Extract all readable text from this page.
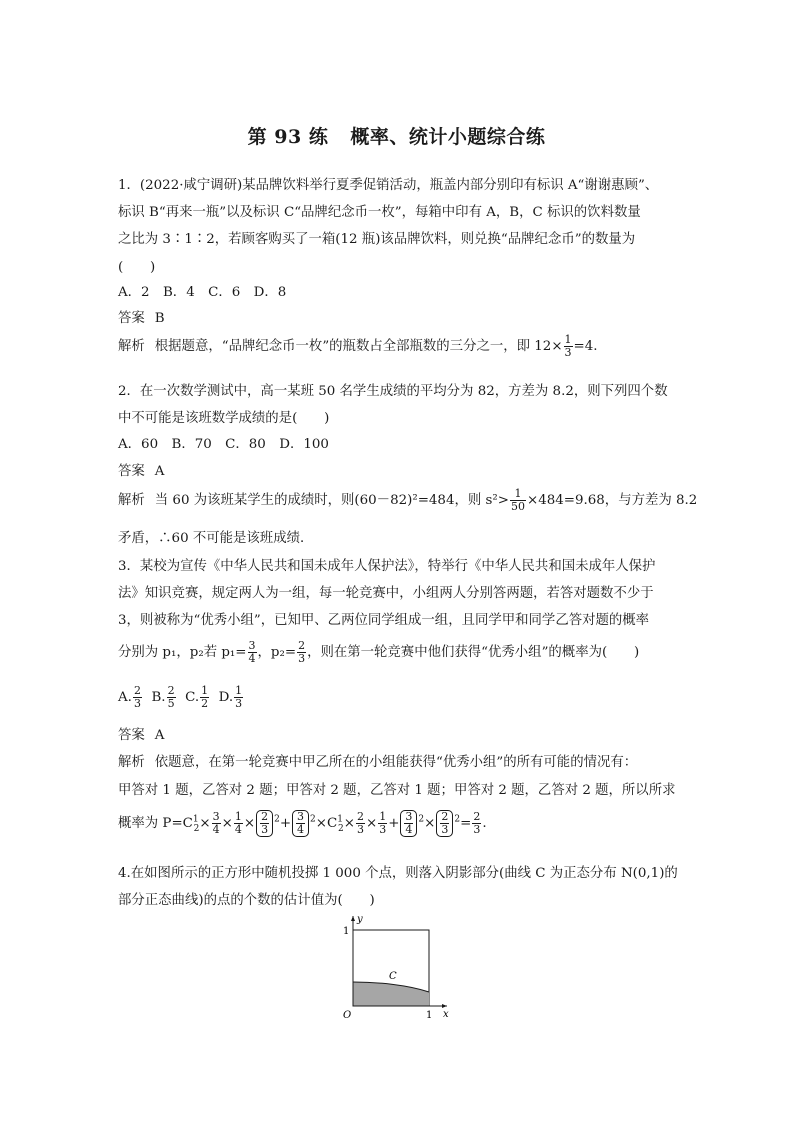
第 93 练 概率、统计小题综合练
1．(2022·咸宁调研)某品牌饮料举行夏季促销活动，瓶盖内部分别印有标识 A“谢谢惠顾”、
标识 B“再来一瓶”以及标识 C“品牌纪念币一枚”，每箱中印有 A，B，C 标识的饮料数量
之比为 3∶1∶2，若顾客购买了一箱(12 瓶)该品牌饮料，则兑换“品牌纪念币”的数量为
(　　)
A．2　B．4　C．6　D．8
答案 B
解析 根据题意，“品牌纪念币一枚”的瓶数占全部瓶数的三分之一，即 $12\times \frac{1}{3} =4$.
2．在一次数学测试中，高一某班 50 名学生成绩的平均分为 82，方差为 8.2，则下列四个数
中不可能是该班数学成绩的是(　　)
A．60　B．70　C．80　D．100
答案 A
解析 当 60 为该班某学生的成绩时，则(60－82)²=484，则 $s^2> \frac{1}{50} \times 484=9.68$，与方差为 8.2
矛盾，∴60 不可能是该班成绩．
3．某校为宣传《中华人民共和国未成年人保护法》，特举行《中华人民共和国未成年人保护
法》知识竞赛，规定两人为一组，每一轮竞赛中，小组两人分别答两题，若答对题数不少于
3，则被称为“优秀小组”，已知甲、乙两位同学组成一组，且同学甲和同学乙答对题的概率
分别为 p₁，p₂若 $p_1= \frac{3}{4}$ ，$p_2= \frac{2}{3}$ ，则在第一轮竞赛中他们获得“优秀小组”的概率为(　　)
A. $\frac{2}{3} B$. $\frac{2}{5} C$. $\frac{1}{2} D$. $\frac{1}{3}$
答案 A
解析 依题意，在第一轮竞赛中甲乙所在的小组能获得“优秀小组”的所有可能的情况有：
甲答对 1 题，乙答对 2 题；甲答对 2 题，乙答对 1 题；甲答对 2 题，乙答对 2 题，所以所求
概率为 $P=C^1_2\times \frac{3}{4} \times \frac{1}{4} \times \frac{2}{3} ^2+ \frac{3}{4} ^2\times C^1_2\times \frac{2}{3} \times \frac{1}{3} + \frac{3}{4} ^2\times \frac{2}{3} ^2= \frac{2}{3}$ .
4.在如图所示的正方形中随机投掷 1 000 个点，则落入阴影部分(曲线 C 为正态分布 N(0,1)的
部分正态曲线)的点的个数的估计值为(　　)
y
x
1
1
O
C
